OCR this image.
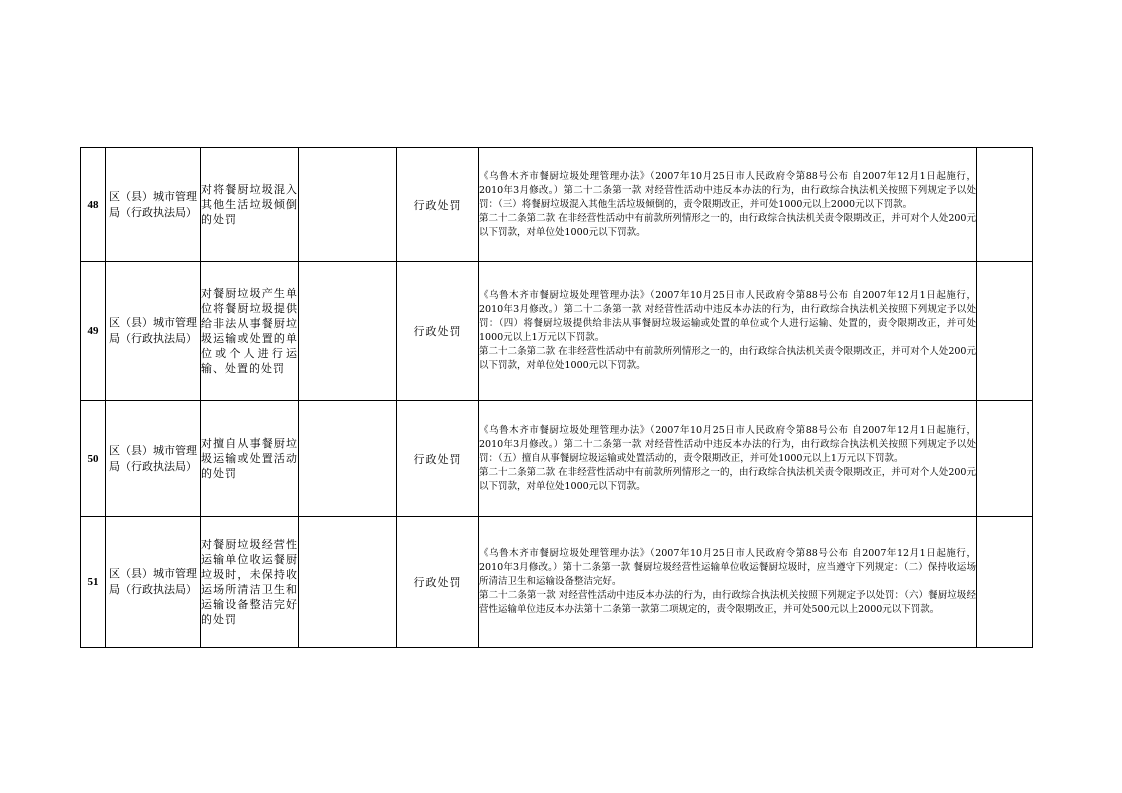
48	区（县）城市管理局（行政执法局）	对将餐厨垃圾混入其他生活垃圾倾倒的处罚		行政处罚	《乌鲁木齐市餐厨垃圾处理管理办法》（2007年10月25日市人民政府令第88号公布 自2007年12月1日起施行， 2010年3月修改。）第二十二条第一款 对经营性活动中违反本办法的行为，由行政综合执法机关按照下列规定予以处罚：（三）将餐厨垃圾混入其他生活垃圾倾倒的，责令限期改正，并可处1000元以上2000元以下罚款。

第二十二条第二款 在非经营性活动中有前款所列情形之一的，由行政综合执法机关责令限期改正，并可对个人处200元以下罚款，对单位处1000元以下罚款。	

49	区（县）城市管理局（行政执法局）	对餐厨垃圾产生单位将餐厨垃圾提供给非法从事餐厨垃圾运输或处置的单位或个人进行运输、处置的处罚		行政处罚	《乌鲁木齐市餐厨垃圾处理管理办法》（2007年10月25日市人民政府令第88号公布 自2007年12月1日起施行， 2010年3月修改。）第二十二条第一款 对经营性活动中违反本办法的行为，由行政综合执法机关按照下列规定予以处罚：（四）将餐厨垃圾提供给非法从事餐厨垃圾运输或处置的单位或个人进行运输、处置的，责令限期改正，并可处1000元以上1万元以下罚款。

第二十二条第二款 在非经营性活动中有前款所列情形之一的，由行政综合执法机关责令限期改正，并可对个人处200元以下罚款，对单位处1000元以下罚款。	

50	区（县）城市管理局（行政执法局）	对擅自从事餐厨垃圾运输或处置活动的处罚		行政处罚	《乌鲁木齐市餐厨垃圾处理管理办法》（2007年10月25日市人民政府令第88号公布 自2007年12月1日起施行， 2010年3月修改。）第二十二条第一款 对经营性活动中违反本办法的行为，由行政综合执法机关按照下列规定予以处罚：（五）擅自从事餐厨垃圾运输或处置活动的，责令限期改正，并可处1000元以上1万元以下罚款。

第二十二条第二款 在非经营性活动中有前款所列情形之一的，由行政综合执法机关责令限期改正，并可对个人处200元以下罚款，对单位处1000元以下罚款。	

51	区（县）城市管理局（行政执法局）	对餐厨垃圾经营性运输单位收运餐厨垃圾时，未保持收运场所清洁卫生和运输设备整洁完好的处罚		行政处罚	《乌鲁木齐市餐厨垃圾处理管理办法》（2007年10月25日市人民政府令第88号公布 自2007年12月1日起施行， 2010年3月修改。）第十二条第一款 餐厨垃圾经营性运输单位收运餐厨垃圾时，应当遵守下列规定：（二）保持收运场所清洁卫生和运输设备整洁完好。

第二十二条第一款 对经营性活动中违反本办法的行为，由行政综合执法机关按照下列规定予以处罚：（六）餐厨垃圾经营性运输单位违反本办法第十二条第一款第二项规定的，责令限期改正，并可处500元以上2000元以下罚款。	
